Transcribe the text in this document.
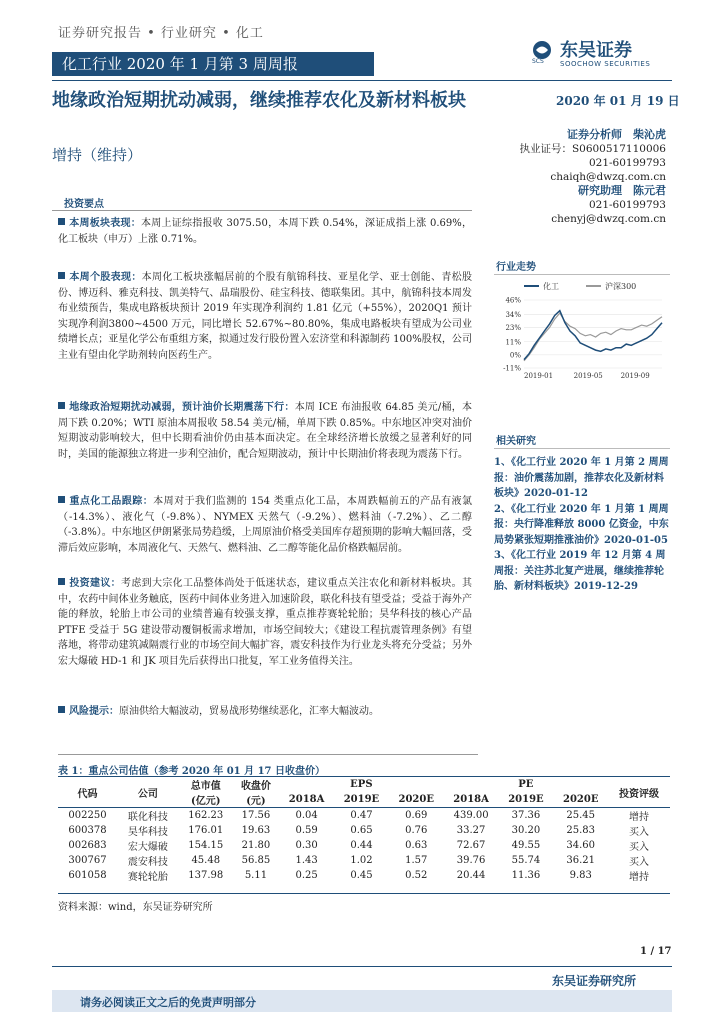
证券研究报告 • 行业研究 • 化工
化工行业 2020 年 1 月第 3 周周报	SCS
东吴证券
SOOCHOW SECURITIES
地缘政治短期扰动减弱，继续推荐农化及新材料板块
增持（维持）
2020 年 01 月 19 日
证券分析师　柴沁虎
执业证号：S0600517110006
021-60199793
chaiqh@dwzq.com.cn
研究助理　陈元君
021-60199793
chenyj@dwzq.com.cn
投资要点
本周板块表现：本周上证综指报收 3075.50，本周下跌 0.54%，深证成指上涨 0.69%，化工板块（申万）上涨 0.71%。
本周个股表现：本周化工板块涨幅居前的个股有航锦科技、亚星化学、亚士创能、青松股份、博迈科、雅克科技、凯美特气、晶瑞股份、硅宝科技、德联集团。其中，航锦科技本周发布业绩预告，集成电路板块预计 2019 年实现净利润约 1.81 亿元（+55%），2020Q1 预计实现净利润3800~4500 万元，同比增长 52.67%~80.80%，集成电路板块有望成为公司业绩增长点；亚星化学公布重组方案，拟通过发行股份置入宏济堂和科源制药 100%股权，公司主业有望由化学助剂转向医药生产。
地缘政治短期扰动减弱，预计油价长期震荡下行：本周 ICE 布油报收 64.85 美元/桶，本周下跌 0.20%；WTI 原油本周报收 58.54 美元/桶，单周下跌 0.85%。中东地区冲突对油价短期波动影响较大，但中长期看油价仍由基本面决定。在全球经济增长放缓之显著利好的同时，美国的能源独立将进一步利空油价，配合短期波动，预计中长期油价将表现为震荡下行。
重点化工品跟踪：本周对于我们监测的 154 类重点化工品，本周跌幅前五的产品有液氯（-14.3%）、液化气（-9.8%）、NYMEX 天然气（-9.2%）、燃料油（-7.2%）、乙二醇（-3.8%）。中东地区伊朗紧张局势趋缓，上周原油价格受美国库存超预期的影响大幅回落，受滞后效应影响，本周液化气、天然气、燃料油、乙二醇等能化品价格跌幅居前。
投资建议：考虑到大宗化工品整体尚处于低迷状态，建议重点关注农化和新材料板块。其中，农药中间体业务触底，医药中间体业务进入加速阶段，联化科技有望受益；受益于海外产能的释放，轮胎上市公司的业绩普遍有较强支撑，重点推荐赛轮轮胎；昊华科技的核心产品 PTFE 受益于 5G 建设带动覆铜板需求增加，市场空间较大；《建设工程抗震管理条例》有望落地，将带动建筑减隔震行业的市场空间大幅扩容，震安科技作为行业龙头将充分受益；另外宏大爆破 HD-1 和 JK 项目先后获得出口批复，军工业务值得关注。
风险提示：原油供给大幅波动，贸易战形势继续恶化，汇率大幅波动。
行业走势
化工	沪深300
46%
34%
23%
11%
0%
-11%
2019-01	2019-05	2019-09
相关研究
1、《化工行业 2020 年 1 月第 2 周周报：油价震荡加剧，推荐农化及新材料板块》2020-01-12
2、《化工行业 2020 年 1 月第 1 周周报：央行降准释放 8000 亿资金，中东局势紧张短期推涨油价》2020-01-05
3、《化工行业 2019 年 12 月第 4 周周报：关注苏北复产进展，继续推荐轮胎、新材料板块》2019-12-29
表 1：重点公司估值（参考 2020 年 01 月 17 日收盘价）
代码	公司	总市值	收盘价	EPS			PE			投资评级
		(亿元)	(元)	2018A	2019E	2020E	2018A	2019E	2020E	
002250	联化科技	162.23	17.56	0.04	0.47	0.69	439.00	37.36	25.45	增持
600378	昊华科技	176.01	19.63	0.59	0.65	0.76	33.27	30.20	25.83	买入
002683	宏大爆破	154.15	21.80	0.30	0.44	0.63	72.67	49.55	34.60	买入
300767	震安科技	45.48	56.85	1.43	1.02	1.57	39.76	55.74	36.21	买入
601058	赛轮轮胎	137.98	5.11	0.25	0.45	0.52	20.44	11.36	9.83	增持
资料来源：wind，东吴证券研究所
1 / 17
东吴证券研究所
请务必阅读正文之后的免责声明部分
